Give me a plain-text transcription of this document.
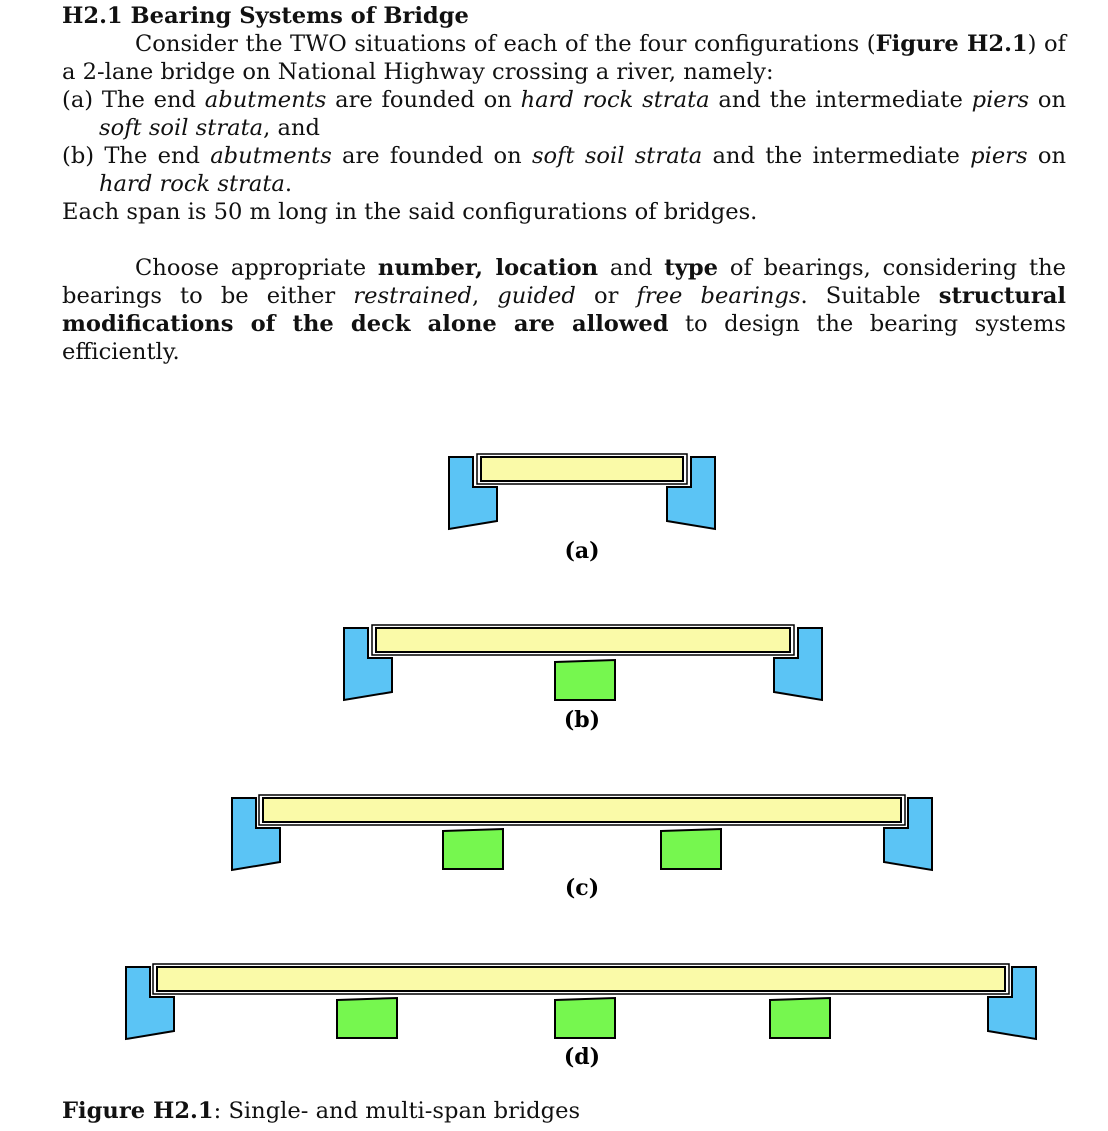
H2.1 Bearing Systems of Bridge

Consider the TWO situations of each of the four configurations (Figure H2.1) of a 2-lane bridge on National Highway crossing a river, namely:

(a) The end abutments are founded on hard rock strata and the intermediate piers on soft soil strata, and

(b) The end abutments are founded on soft soil strata and the intermediate piers on hard rock strata.

Each span is 50 m long in the said configurations of bridges.

Choose appropriate number, location and type of bearings, considering the bearings to be either restrained, guided or free bearings. Suitable structural modifications of the deck alone are allowed to design the bearing systems efficiently.

(a)
(b)
(c)
(d)

Figure H2.1: Single- and multi-span bridges
